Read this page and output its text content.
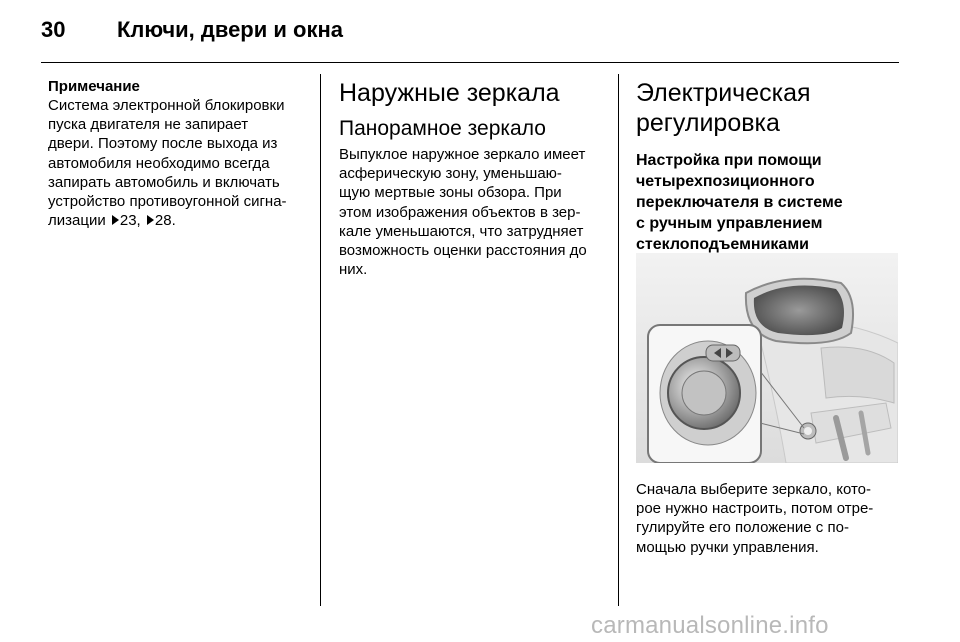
30 Ключи, двери и окна
Примечание

Система электронной блокировки
пуска двигателя не запирает
двери. Поэтому после выхода из
автомобиля необходимо всегда
запирать автомобиль и включать
устройство противоугонной сигна-
лизации 23, 28.

Наружные зеркала
Панорамное зеркало

Выпуклое наружное зеркало имеет
асферическую зону, уменьшаю-
щую мертвые зоны обзора. При
этом изображения объектов в зер-
кале уменьшаются, что затрудняет
возможность оценки расстояния до
них.

Электрическая
регулировка
Настройка при помощи
четырехпозиционного
переключателя в системе
с ручным управлением
стеклоподъемниками

Сначала выберите зеркало, кото-
рое нужно настроить, потом отре-
гулируйте его положение с по-
мощью ручки управления.

carmanualsonline.info
